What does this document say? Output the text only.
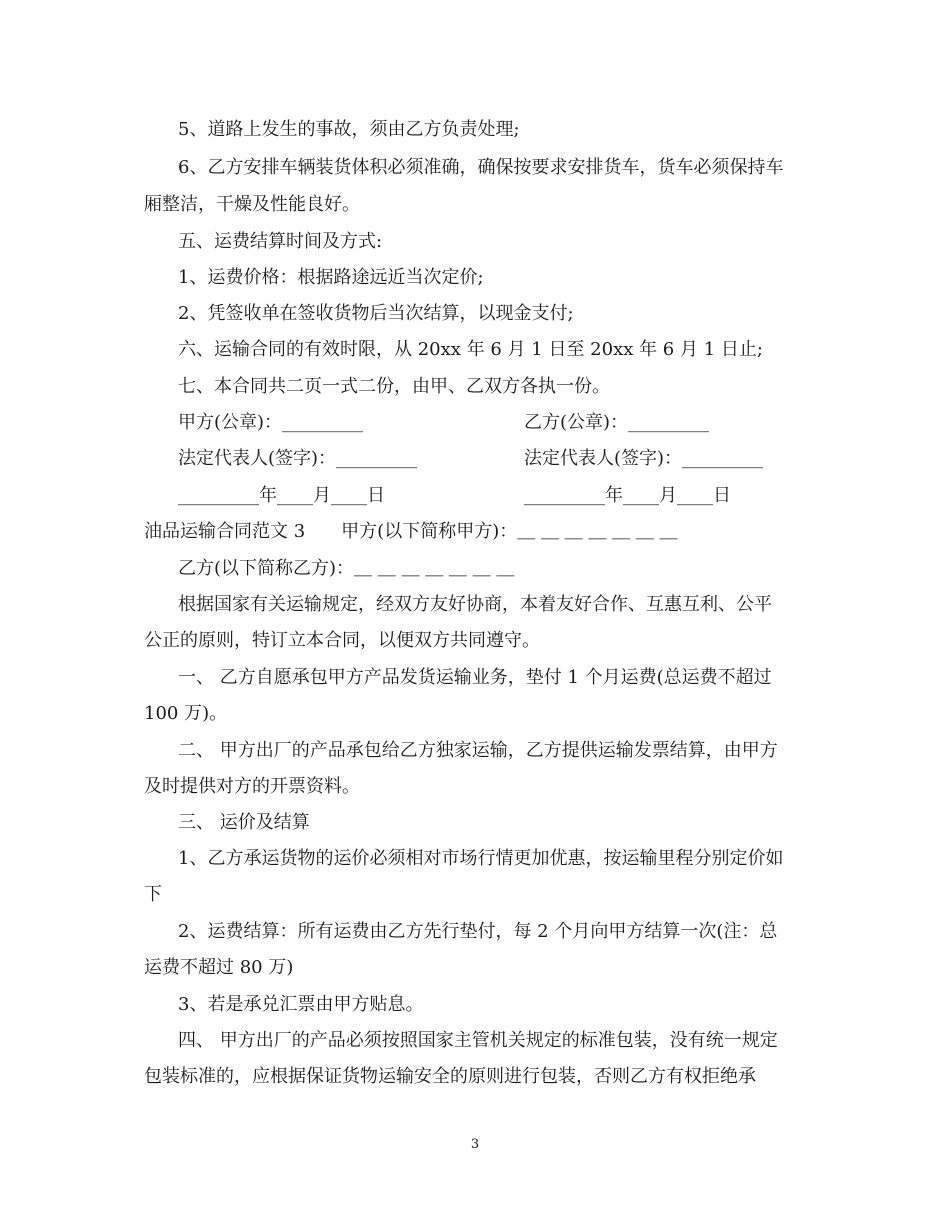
5、道路上发生的事故，须由乙方负责处理;
6、乙方安排车辆装货体积必须准确，确保按要求安排货车，货车必须保持车
厢整洁，干燥及性能良好。
五、运费结算时间及方式:
1、运费价格：根据路途远近当次定价;
2、凭签收单在签收货物后当次结算，以现金支付;
六、运输合同的有效时限，从 20xx 年 6 月 1 日至 20xx 年 6 月 1 日止;
七、本合同共二页一式二份，由甲、乙双方各执一份。
甲方(公章)：_________	乙方(公章)：_________
法定代表人(签字)：_________	法定代表人(签字)：_________
_________年____月____日	_________年____月____日
油品运输合同范文 3　　甲方(以下简称甲方)：＿ ＿ ＿ ＿ ＿ ＿ ＿
乙方(以下简称乙方)：＿ ＿ ＿ ＿ ＿ ＿ ＿
根据国家有关运输规定，经双方友好协商，本着友好合作、互惠互利、公平
公正的原则，特订立本合同，以便双方共同遵守。
一、 乙方自愿承包甲方产品发货运输业务，垫付 1 个月运费(总运费不超过
100 万)。
二、 甲方出厂的产品承包给乙方独家运输，乙方提供运输发票结算，由甲方
及时提供对方的开票资料。
三、 运价及结算
1、乙方承运货物的运价必须相对市场行情更加优惠，按运输里程分别定价如
下
2、运费结算：所有运费由乙方先行垫付，每 2 个月向甲方结算一次(注：总
运费不超过 80 万)
3、若是承兑汇票由甲方贴息。
四、 甲方出厂的产品必须按照国家主管机关规定的标准包装，没有统一规定
包装标准的，应根据保证货物运输安全的原则进行包装，否则乙方有权拒绝承
3
